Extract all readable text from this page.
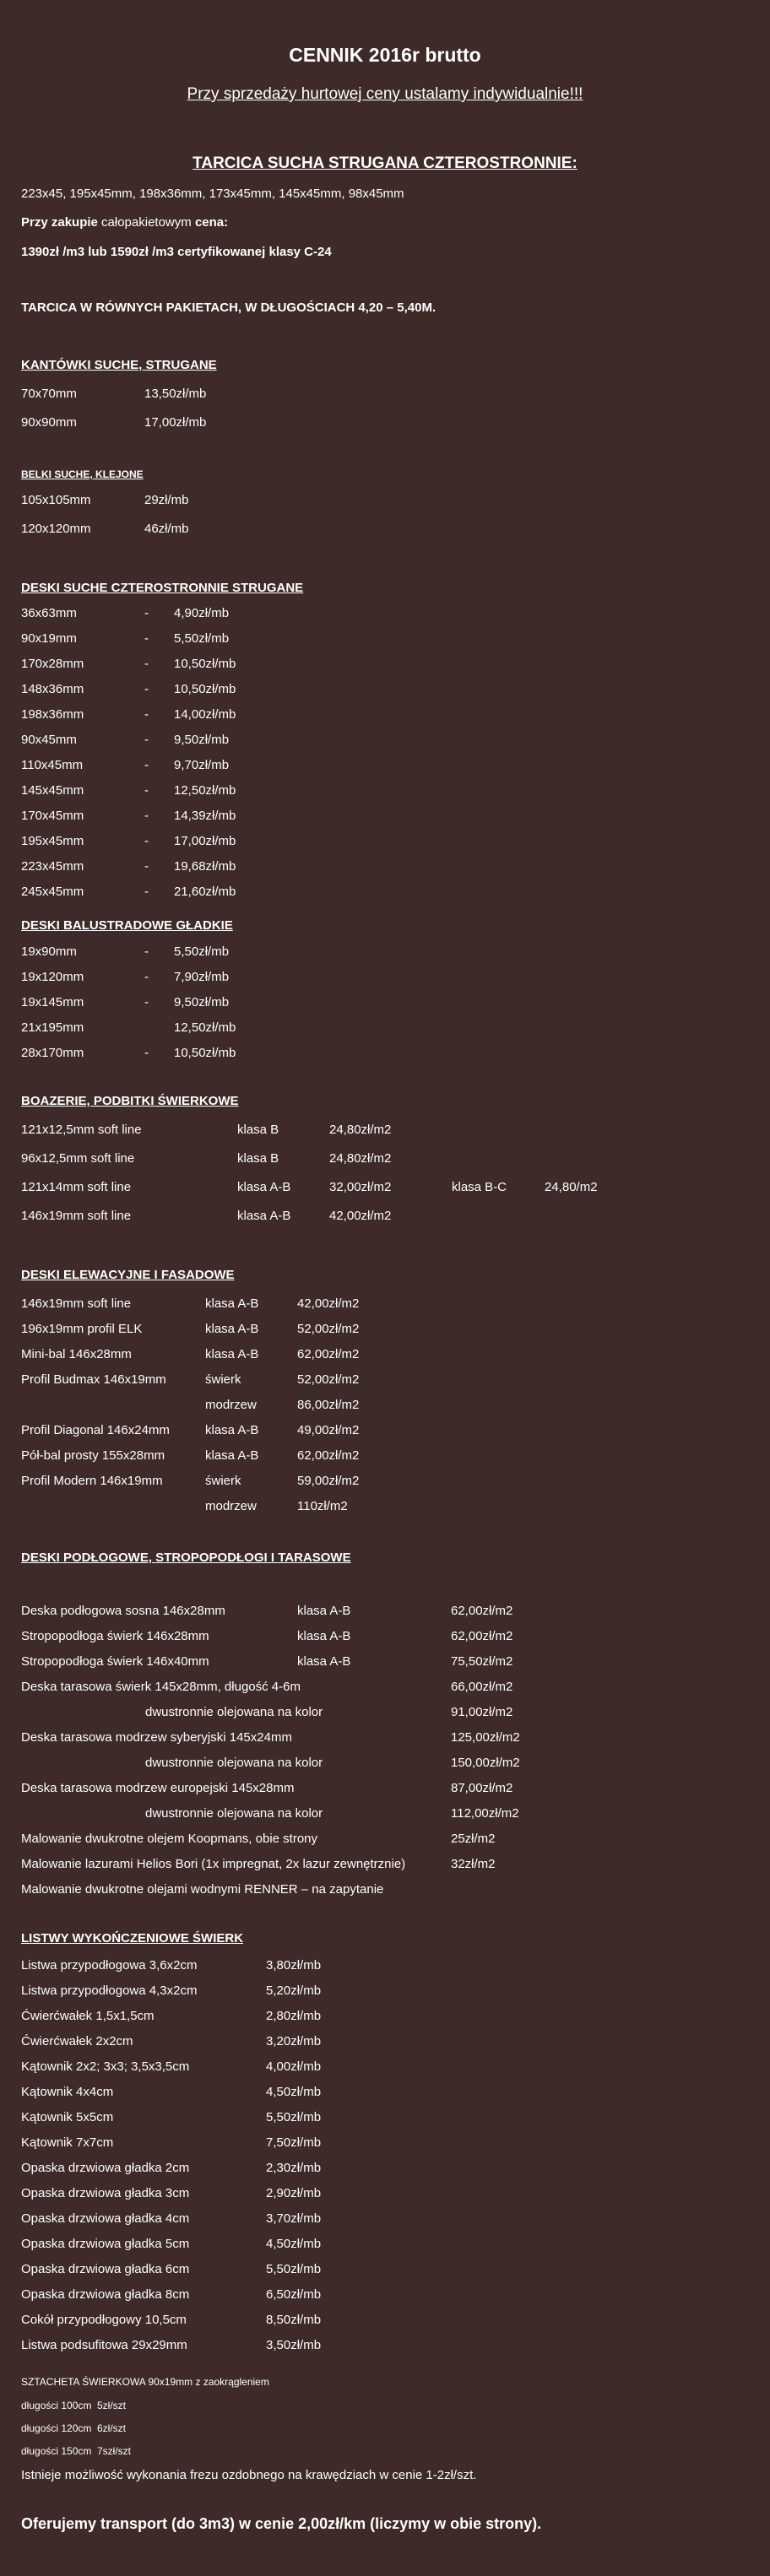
CENNIK 2016r brutto
Przy sprzedaży hurtowej ceny ustalamy indywidualnie!!!
TARCICA SUCHA STRUGANA CZTEROSTRONNIE:
223x45, 195x45mm, 198x36mm, 173x45mm, 145x45mm, 98x45mm
Przy zakupie całopakietowym cena:
1390zł /m3 lub 1590zł /m3 certyfikowanej klasy C-24
TARCICA W RÓWNYCH PAKIETACH, W DŁUGOŚCIACH 4,20 – 5,40M.
KANTÓWKI SUCHE, STRUGANE
70x70mm	13,50zł/mb
90x90mm	17,00zł/mb
BELKI SUCHE, KLEJONE
105x105mm	29zł/mb
120x120mm	46zł/mb
DESKI SUCHE CZTEROSTRONNIE STRUGANE
36x63mm	- 4,90zł/mb
90x19mm	- 5,50zł/mb
170x28mm	- 10,50zł/mb
148x36mm	- 10,50zł/mb
198x36mm	- 14,00zł/mb
90x45mm	- 9,50zł/mb
110x45mm	- 9,70zł/mb
145x45mm	- 12,50zł/mb
170x45mm	- 14,39zł/mb
195x45mm	- 17,00zł/mb
223x45mm	- 19,68zł/mb
245x45mm	- 21,60zł/mb
DESKI BALUSTRADOWE GŁADKIE
19x90mm	- 5,50zł/mb
19x120mm	- 7,90zł/mb
19x145mm	- 9,50zł/mb
21x195mm	12,50zł/mb
28x170mm	- 10,50zł/mb
BOAZERIE, PODBITKI ŚWIERKOWE
121x12,5mm soft line	klasa B	24,80zł/m2
96x12,5mm soft line	klasa B	24,80zł/m2
121x14mm soft line	klasa A-B	32,00zł/m2	klasa B-C	24,80/m2
146x19mm soft line	klasa A-B	42,00zł/m2
DESKI ELEWACYJNE I FASADOWE
146x19mm soft line	klasa A-B	42,00zł/m2
196x19mm profil ELK	klasa A-B	52,00zł/m2
Mini-bal 146x28mm	klasa A-B	62,00zł/m2
Profil Budmax 146x19mm	świerk	52,00zł/m2
modrzew	86,00zł/m2
Profil Diagonal 146x24mm	klasa A-B	49,00zł/m2
Pół-bal prosty 155x28mm	klasa A-B	62,00zł/m2
Profil Modern 146x19mm	świerk	59,00zł/m2
modrzew	110zł/m2
DESKI PODŁOGOWE, STROPOPODŁOGI I TARASOWE
Deska podłogowa sosna 146x28mm	klasa A-B	62,00zł/m2
Stropopodłoga świerk 146x28mm	klasa A-B	62,00zł/m2
Stropopodłoga świerk 146x40mm	klasa A-B	75,50zł/m2
Deska tarasowa świerk 145x28mm, długość 4-6m	66,00zł/m2
dwustronnie olejowana na kolor	91,00zł/m2
Deska tarasowa modrzew syberyjski 145x24mm	125,00zł/m2
dwustronnie olejowana na kolor	150,00zł/m2
Deska tarasowa modrzew europejski 145x28mm	87,00zł/m2
dwustronnie olejowana na kolor	112,00zł/m2
Malowanie dwukrotne olejem Koopmans, obie strony	25zł/m2
Malowanie lazurami Helios Bori (1x impregnat, 2x lazur zewnętrznie)	32zł/m2
Malowanie dwukrotne olejami wodnymi RENNER – na zapytanie
LISTWY WYKOŃCZENIOWE ŚWIERK
Listwa przypodłogowa 3,6x2cm	3,80zł/mb
Listwa przypodłogowa 4,3x2cm	5,20zł/mb
Ćwierćwałek 1,5x1,5cm	2,80zł/mb
Ćwierćwałek 2x2cm	3,20zł/mb
Kątownik 2x2; 3x3; 3,5x3,5cm	4,00zł/mb
Kątownik 4x4cm	4,50zł/mb
Kątownik 5x5cm	5,50zł/mb
Kątownik 7x7cm	7,50zł/mb
Opaska drzwiowa gładka 2cm	2,30zł/mb
Opaska drzwiowa gładka 3cm	2,90zł/mb
Opaska drzwiowa gładka 4cm	3,70zł/mb
Opaska drzwiowa gładka 5cm	4,50zł/mb
Opaska drzwiowa gładka 6cm	5,50zł/mb
Opaska drzwiowa gładka 8cm	6,50zł/mb
Cokół przypodłogowy 10,5cm	8,50zł/mb
Listwa podsufitowa 29x29mm	3,50zł/mb
SZTACHETA ŚWIERKOWA 90x19mm z zaokrągleniem
długości 100cm 5zł/szt
długości 120cm 6zł/szt
długości 150cm 7szł/szt
Istnieje możliwość wykonania frezu ozdobnego na krawędziach w cenie 1-2zł/szt.
Oferujemy transport (do 3m3) w cenie 2,00zł/km (liczymy w obie strony).
